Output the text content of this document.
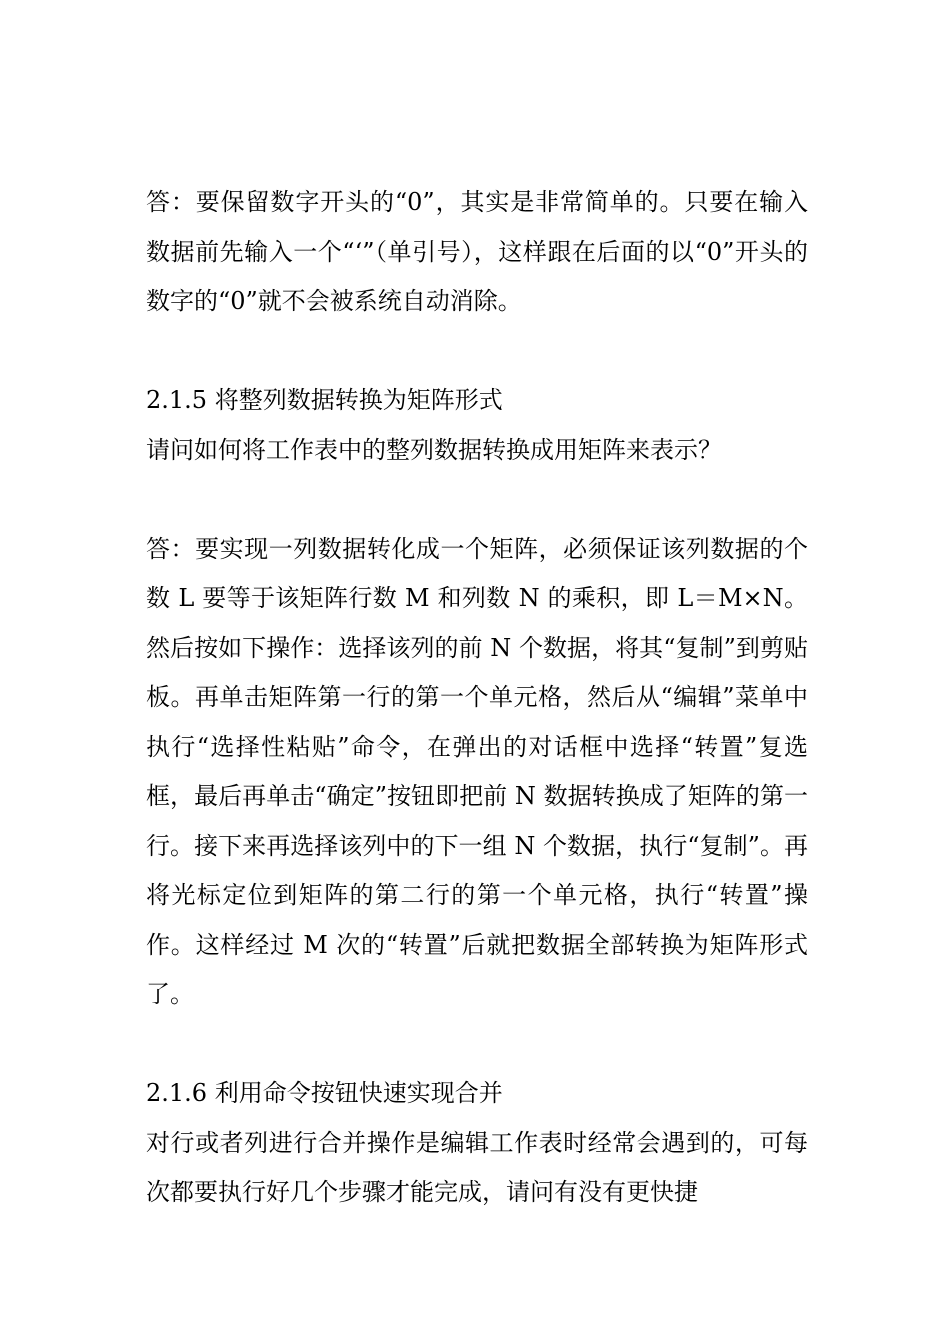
答：要保留数字开头的“0”，其实是非常简单的。只要在输入数据前先输入一个“‘”（单引号），这样跟在后面的以“0”开头的数字的“0”就不会被系统自动消除。

2.1.5 将整列数据转换为矩阵形式

请问如何将工作表中的整列数据转换成用矩阵来表示？

答：要实现一列数据转化成一个矩阵，必须保证该列数据的个数 L 要等于该矩阵行数 M 和列数 N 的乘积，即 L＝M×N。然后按如下操作：选择该列的前 N 个数据，将其“复制”到剪贴板。再单击矩阵第一行的第一个单元格，然后从“编辑”菜单中执行“选择性粘贴”命令，在弹出的对话框中选择“转置”复选框，最后再单击“确定”按钮即把前 N 数据转换成了矩阵的第一行。接下来再选择该列中的下一组 N 个数据，执行“复制”。再将光标定位到矩阵的第二行的第一个单元格，执行“转置”操作。这样经过 M 次的“转置”后就把数据全部转换为矩阵形式了。

2.1.6 利用命令按钮快速实现合并

对行或者列进行合并操作是编辑工作表时经常会遇到的，可每次都要执行好几个步骤才能完成，请问有没有更快捷
